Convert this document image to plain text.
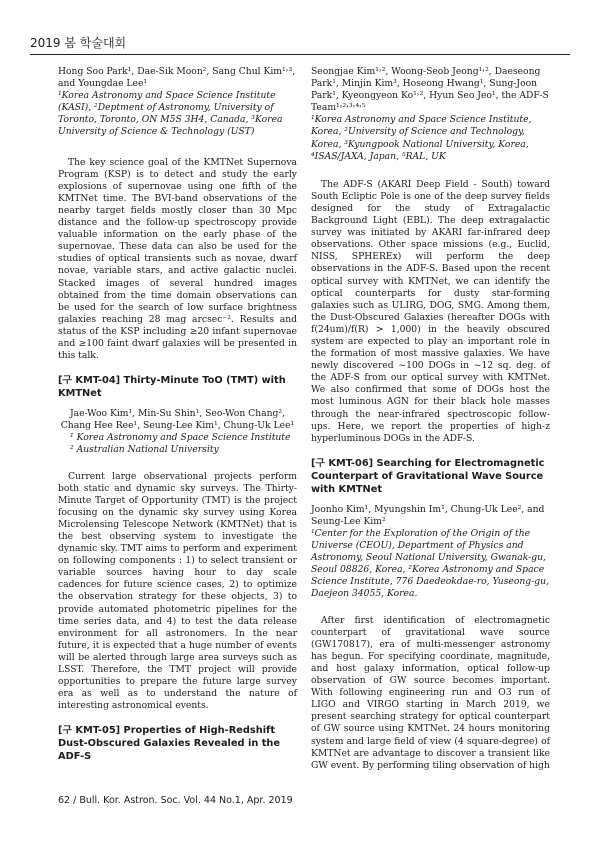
2019 봄 학술대회

Hong Soo Park¹, Dae-Sik Moon², Sang Chul Kim¹˒³, and Youngdae Lee¹

¹Korea Astronomy and Space Science Institute (KASI), ²Deptment of Astronomy, University of Toronto, Toronto, ON M5S 3H4, Canada, ³Korea University of Science & Technology (UST)

The key science goal of the KMTNet Supernova Program (KSP) is to detect and study the early explosions of supernovae using one fifth of the KMTNet time. The BVI-band observations of the nearby target fields mostly closer than 30 Mpc distance and the follow-up spectroscopy provide valuable information on the early phase of the supernovae. These data can also be used for the studies of optical transients such as novae, dwarf novae, variable stars, and active galactic nuclei. Stacked images of several hundred images obtained from the time domain observations can be used for the search of low surface brightness galaxies reaching 28 mag arcsec⁻². Results and status of the KSP including ≥20 infant supernovae and ≥100 faint dwarf galaxies will be presented in this talk.

[구 KMT-04] Thirty-Minute ToO (TMT) with KMTNet

Jae-Woo Kim¹, Min-Su Shin¹, Seo-Won Chang², Chang Hee Ree¹, Seung-Lee Kim¹, Chung-Uk Lee¹

¹ Korea Astronomy and Space Science Institute

² Australian National University

Current large observational projects perform both static and dynamic sky surveys. The Thirty-Minute Target of Opportunity (TMT) is the project focusing on the dynamic sky survey using Korea Microlensing Telescope Network (KMTNet) that is the best observing system to investigate the dynamic sky. TMT aims to perform and experiment on following components : 1) to select transient or variable sources having hour to day scale cadences for future science cases, 2) to optimize the observation strategy for these objects, 3) to provide automated photometric pipelines for the time series data, and 4) to test the data release environment for all astronomers. In the near future, it is expected that a huge number of events will be alerted through large area surveys such as LSST. Therefore, the TMT project will provide opportunities to prepare the future large survey era as well as to understand the nature of interesting astronomical events.

[구 KMT-05] Properties of High-Redshift Dust-Obscured Galaxies Revealed in the ADF-S

Seongjae Kim¹˒², Woong-Seob Jeong¹˒², Daeseong Park¹, Minjin Kim³, Hoseong Hwang¹, Sung-Joon Park¹, Kyeongyeon Ko¹˒², Hyun Seo Jeo¹, the ADF-S Team¹˒²˒³˒⁴˒⁵

¹Korea Astronomy and Space Science Institute, Korea, ²University of Science and Technology, Korea, ³Kyungpook National University, Korea, ⁴ISAS/JAXA, Japan, ⁵RAL, UK

The ADF-S (AKARI Deep Field - South) toward South Ecliptic Pole is one of the deep survey fields designed for the study of Extragalactic Background Light (EBL). The deep extragalactic survey was initiated by AKARI far-infrared deep observations. Other space missions (e.g., Euclid, NISS, SPHEREx) will perform the deep observations in the ADF-S. Based upon the recent optical survey with KMTNet, we can identify the optical counterparts for dusty star-forming galaxies such as ULIRG, DOG, SMG. Among them, the Dust-Obscured Galaxies (hereafter DOGs with f(24um)/f(R) > 1,000) in the heavily obscured system are expected to play an important role in the formation of most massive galaxies. We have newly discovered ~100 DOGs in ~12 sq. deg. of the ADF-S from our optical survey with KMTNet. We also confirmed that some of DOGs host the most luminous AGN for their black hole masses through the near-infrared spectroscopic follow-ups. Here, we report the properties of high-z hyperluminous DOGs in the ADF-S.

[구 KMT-06] Searching for Electromagnetic Counterpart of Gravitational Wave Source with KMTNet

Joonho Kim¹, Myungshin Im¹, Chung-Uk Lee², and Seung-Lee Kim²

¹Center for the Exploration of the Origin of the Universe (CEOU), Department of Physics and Astronomy, Seoul National University, Gwanak-gu, Seoul 08826, Korea, ²Korea Astronomy and Space Science Institute, 776 Daedeokdae-ro, Yuseong-gu, Daejeon 34055, Korea.

After first identification of electromagnetic counterpart of gravitational wave source (GW170817), era of multi-messenger astronomy has begun. For specifying coordinate, magnitude, and host galaxy information, optical follow-up observation of GW source becomes important. With following engineering run and O3 run of LIGO and VIRGO starting in March 2019, we present searching strategy for optical counterpart of GW source using KMTNet. 24 hours monitoring system and large field of view (4 square-degree) of KMTNet are advantage to discover a transient like GW event. By performing tiling observation of high

62 / Bull. Kor. Astron. Soc. Vol. 44 No.1, Apr. 2019
